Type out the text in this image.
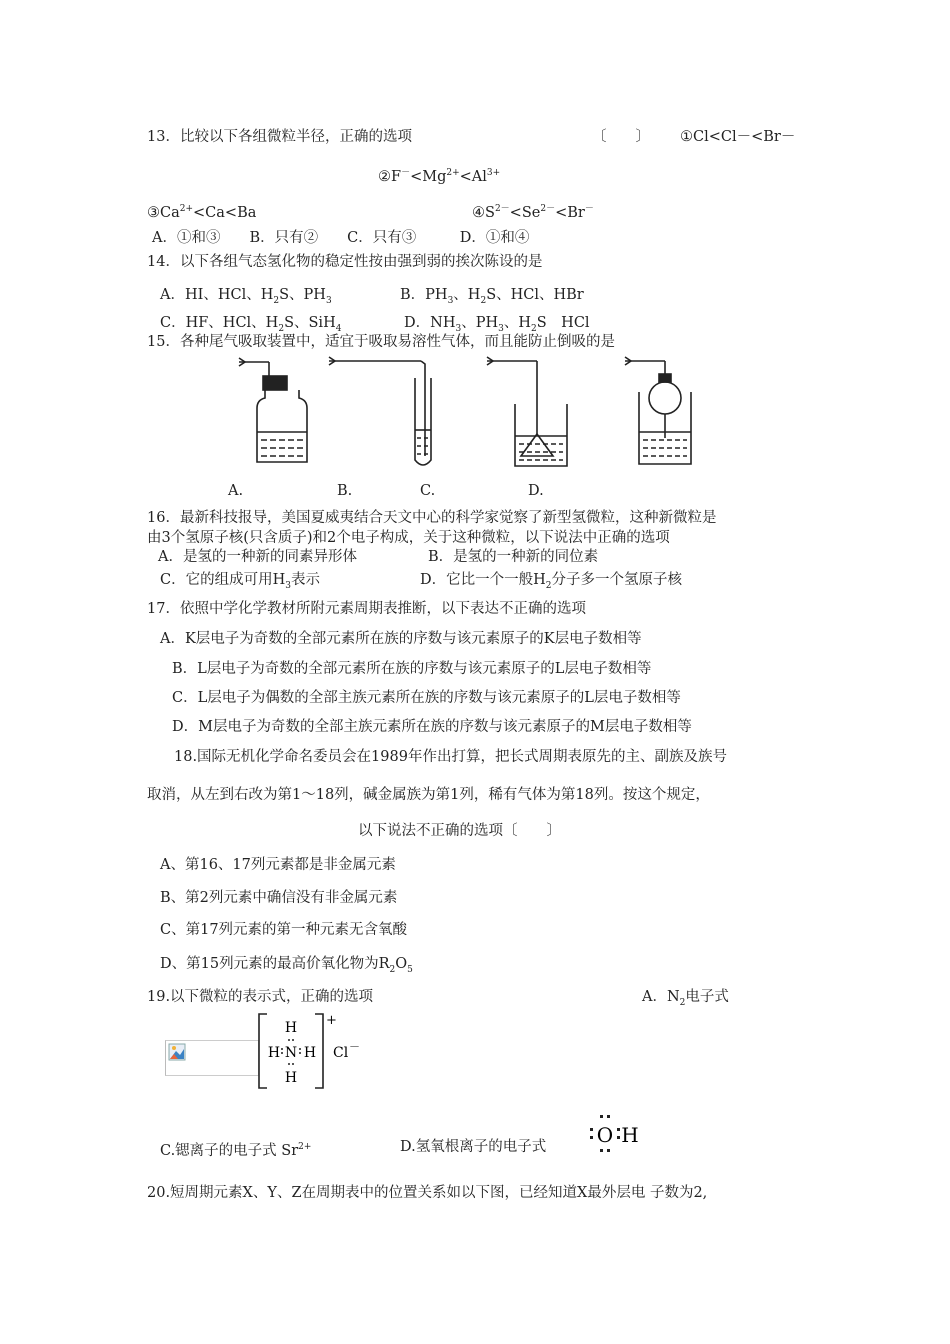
13．比较以下各组微粒半径，正确的选项	〔　　〕 ①Cl<Cl－<Br－
$②F^-<Mg^{2+}<Al^{3+}$
$③Ca^{2+}<Ca<Ba$	$④S^{2-}<Se^{2-}<Br^-$
A．①和③　　B．只有②　　C．只有③　　　D．①和④
14．以下各组气态氢化物的稳定性按由强到弱的挨次陈设的是
A．HI、HCl、$H_2S$、$PH_3$	B．$PH_3$、$H_2S$、HCl、HBr
C．HF、HCl、$H_2S$、SiH$_4$	D．$NH_3$、$PH_3$、$H_2S$　HCl
15．各种尾气吸取装置中，适宜于吸取易溶性气体，而且能防止倒吸的是
A.	B.	C.	D.
16．最新科技报导，美国夏威夷结合天文中心的科学家觉察了新型氢微粒，这种新微粒是
由3个氢原子核(只含质子)和2个电子构成，关于这种微粒，以下说法中正确的选项
A．是氢的一种新的同素异形体	B．是氢的一种新的同位素
C．它的组成可用$H_3$表示	D．它比一个一般$H_2$分子多一个氢原子核
17．依照中学化学教材所附元素周期表推断，以下表达不正确的选项
A．K层电子为奇数的全部元素所在族的序数与该元素原子的K层电子数相等
B．L层电子为奇数的全部元素所在族的序数与该元素原子的L层电子数相等
C．L层电子为偶数的全部主族元素所在族的序数与该元素原子的L层电子数相等
D．M层电子为奇数的全部主族元素所在族的序数与该元素原子的M层电子数相等
18.国际无机化学命名委员会在1989年作出打算，把长式周期表原先的主、副族及族号
取消，从左到右改为第1～18列，碱金属族为第1列，稀有气体为第18列。按这个规定，
以下说法不正确的选项〔　　〕
A、第16、17列元素都是非金属元素
B、第2列元素中确信没有非金属元素
C、第17列元素的第一种元素无含氧酸
D、第15列元素的最高价氧化物为$R_2O_5$
19.以下微粒的表示式，正确的选项	A．$N_2$电子式
H
N
H H
H
+
Cl －
C.锶离子的电子式 $Sr^{2+}$	D.氢氧根离子的电子式	O H
20.短周期元素X、Y、Z在周期表中的位置关系如以下图，已经知道X最外层电 子数为2,
